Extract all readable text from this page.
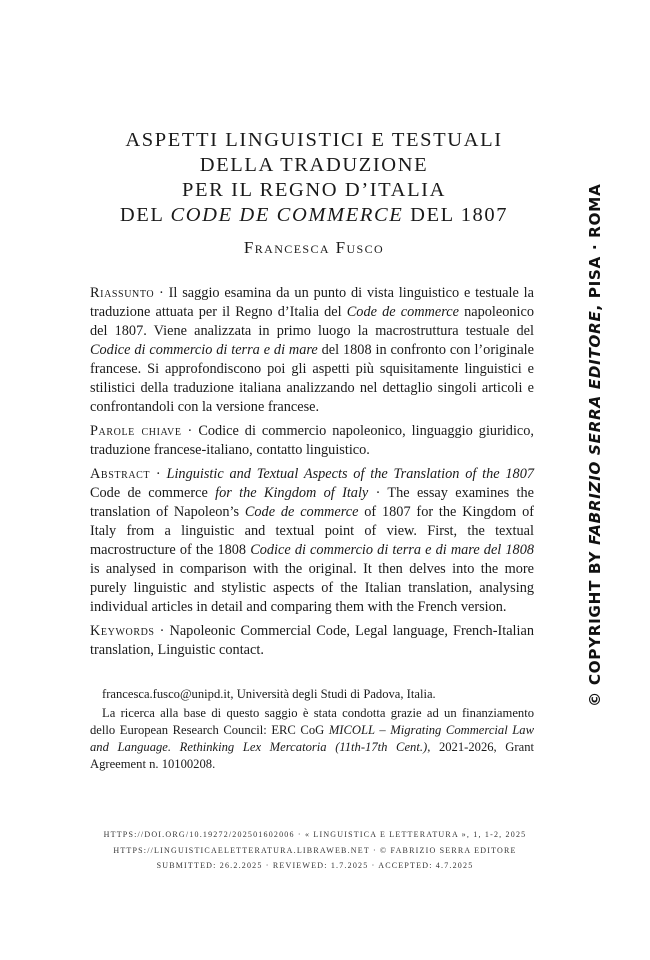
ASPETTI LINGUISTICI E TESTUALI
DELLA TRADUZIONE
PER IL REGNO D’ITALIA
DEL CODE DE COMMERCE DEL 1807
Francesca Fusco

Riassunto · Il saggio esamina da un punto di vista linguistico e testuale la traduzione attuata per il Regno d’Italia del Code de commerce napoleonico del 1807. Viene analizzata in primo luogo la macrostruttura testuale del Codice di commercio di terra e di mare del 1808 in confronto con l’originale francese. Si approfondiscono poi gli aspetti più squisitamente linguistici e stilistici della traduzione italiana analizzando nel dettaglio singoli articoli e confrontandoli con la versione francese.

Parole chiave · Codice di commercio napoleonico, linguaggio giuridico, traduzione francese-italiano, contatto linguistico.

Abstract · Linguistic and Textual Aspects of the Translation of the 1807 Code de commerce for the Kingdom of Italy · The essay examines the translation of Napoleon’s Code de commerce of 1807 for the Kingdom of Italy from a linguistic and textual point of view. First, the textual macrostructure of the 1808 Codice di commercio di terra e di mare del 1808 is analysed in comparison with the original. It then delves into the more purely linguistic and stylistic aspects of the Italian translation, analysing individual articles in detail and comparing them with the French version.

Keywords · Napoleonic Commercial Code, Legal language, French-Italian translation, Linguistic contact.

francesca.fusco@unipd.it, Università degli Studi di Padova, Italia.

La ricerca alla base di questo saggio è stata condotta grazie ad un finanziamento dello European Research Council: ERC CoG MICOLL – Migrating Commercial Law and Language. Rethinking Lex Mercatoria (11th-17th Cent.), 2021-2026, Grant Agreement n. 10100208.

HTTPS://DOI.ORG/10.19272/202501602006 · « LINGUISTICA E LETTERATURA », 1, 1-2, 2025
HTTPS://LINGUISTICAELETTERATURA.LIBRAWEB.NET · © FABRIZIO SERRA EDITORE
SUBMITTED: 26.2.2025 · REVIEWED: 1.7.2025 · ACCEPTED: 4.7.2025
© COPYRIGHT BY FABRIZIO SERRA EDITORE, PISA · ROMA
